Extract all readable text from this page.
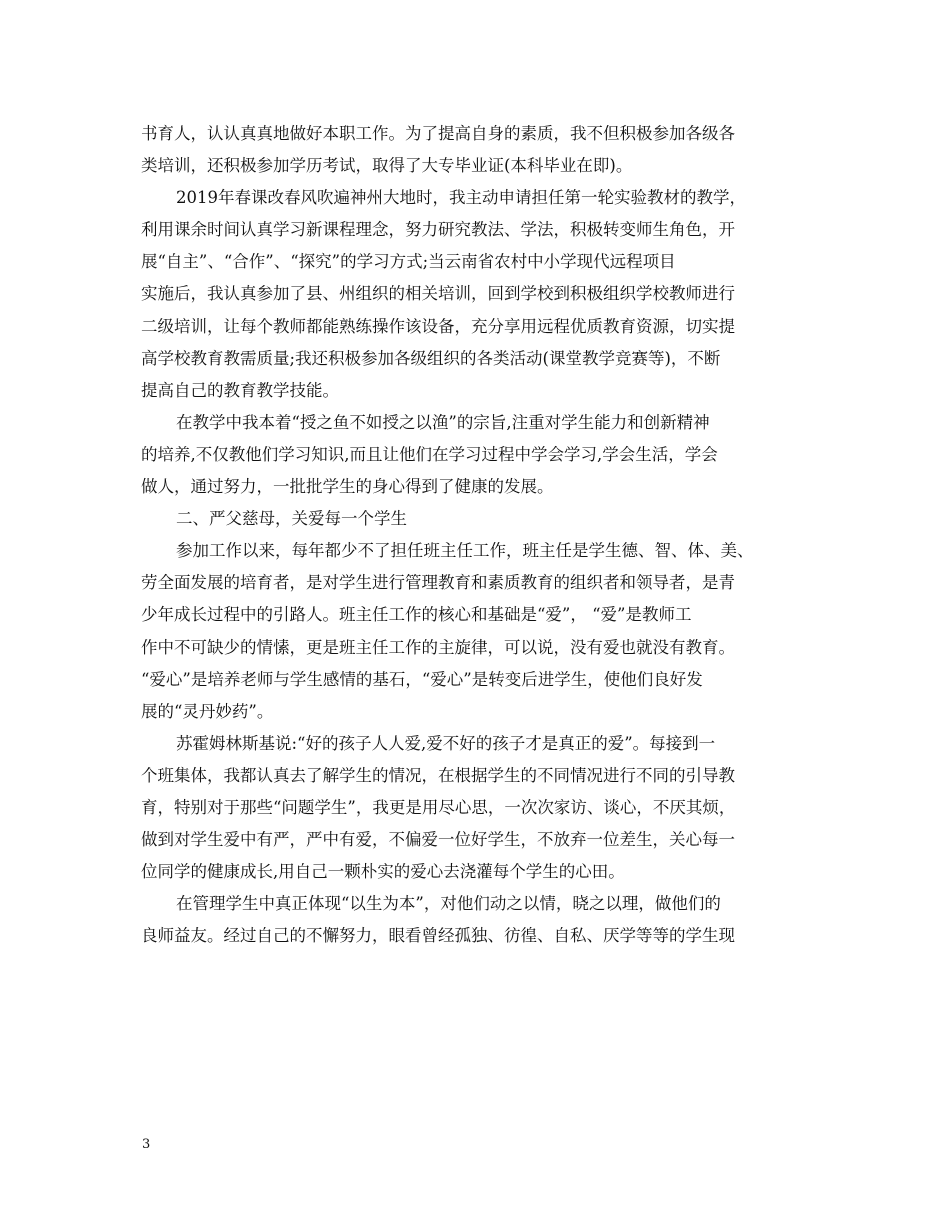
书育人，认认真真地做好本职工作。为了提高自身的素质，我不但积极参加各级各
类培训，还积极参加学历考试，取得了大专毕业证(本科毕业在即)。
2019年春课改春风吹遍神州大地时，我主动申请担任第一轮实验教材的教学，
利用课余时间认真学习新课程理念，努力研究教法、学法，积极转变师生角色，开
展“自主”、“合作”、“探究”的学习方式;当云南省农村中小学现代远程项目
实施后，我认真参加了县、州组织的相关培训，回到学校到积极组织学校教师进行
二级培训，让每个教师都能熟练操作该设备，充分享用远程优质教育资源，切实提
高学校教育教需质量;我还积极参加各级组织的各类活动(课堂教学竞赛等)，不断
提高自己的教育教学技能。
在教学中我本着“授之鱼不如授之以渔”的宗旨,注重对学生能力和创新精神
的培养,不仅教他们学习知识,而且让他们在学习过程中学会学习,学会生活，学会
做人，通过努力，一批批学生的身心得到了健康的发展。
二、严父慈母，关爱每一个学生
参加工作以来，每年都少不了担任班主任工作，班主任是学生德、智、体、美、
劳全面发展的培育者，是对学生进行管理教育和素质教育的组织者和领导者，是青
少年成长过程中的引路人。班主任工作的核心和基础是“爱”， “爱”是教师工
作中不可缺少的情愫，更是班主任工作的主旋律，可以说，没有爱也就没有教育。
“爱心”是培养老师与学生感情的基石，“爱心”是转变后进学生，使他们良好发
展的“灵丹妙药”。
苏霍姆林斯基说:“好的孩子人人爱,爱不好的孩子才是真正的爱”。每接到一
个班集体，我都认真去了解学生的情况，在根据学生的不同情况进行不同的引导教
育，特别对于那些“问题学生”，我更是用尽心思，一次次家访、谈心，不厌其烦，
做到对学生爱中有严，严中有爱，不偏爱一位好学生，不放弃一位差生，关心每一
位同学的健康成长,用自己一颗朴实的爱心去浇灌每个学生的心田。
在管理学生中真正体现“以生为本”，对他们动之以情，晓之以理，做他们的
良师益友。经过自己的不懈努力，眼看曾经孤独、彷徨、自私、厌学等等的学生现
3
